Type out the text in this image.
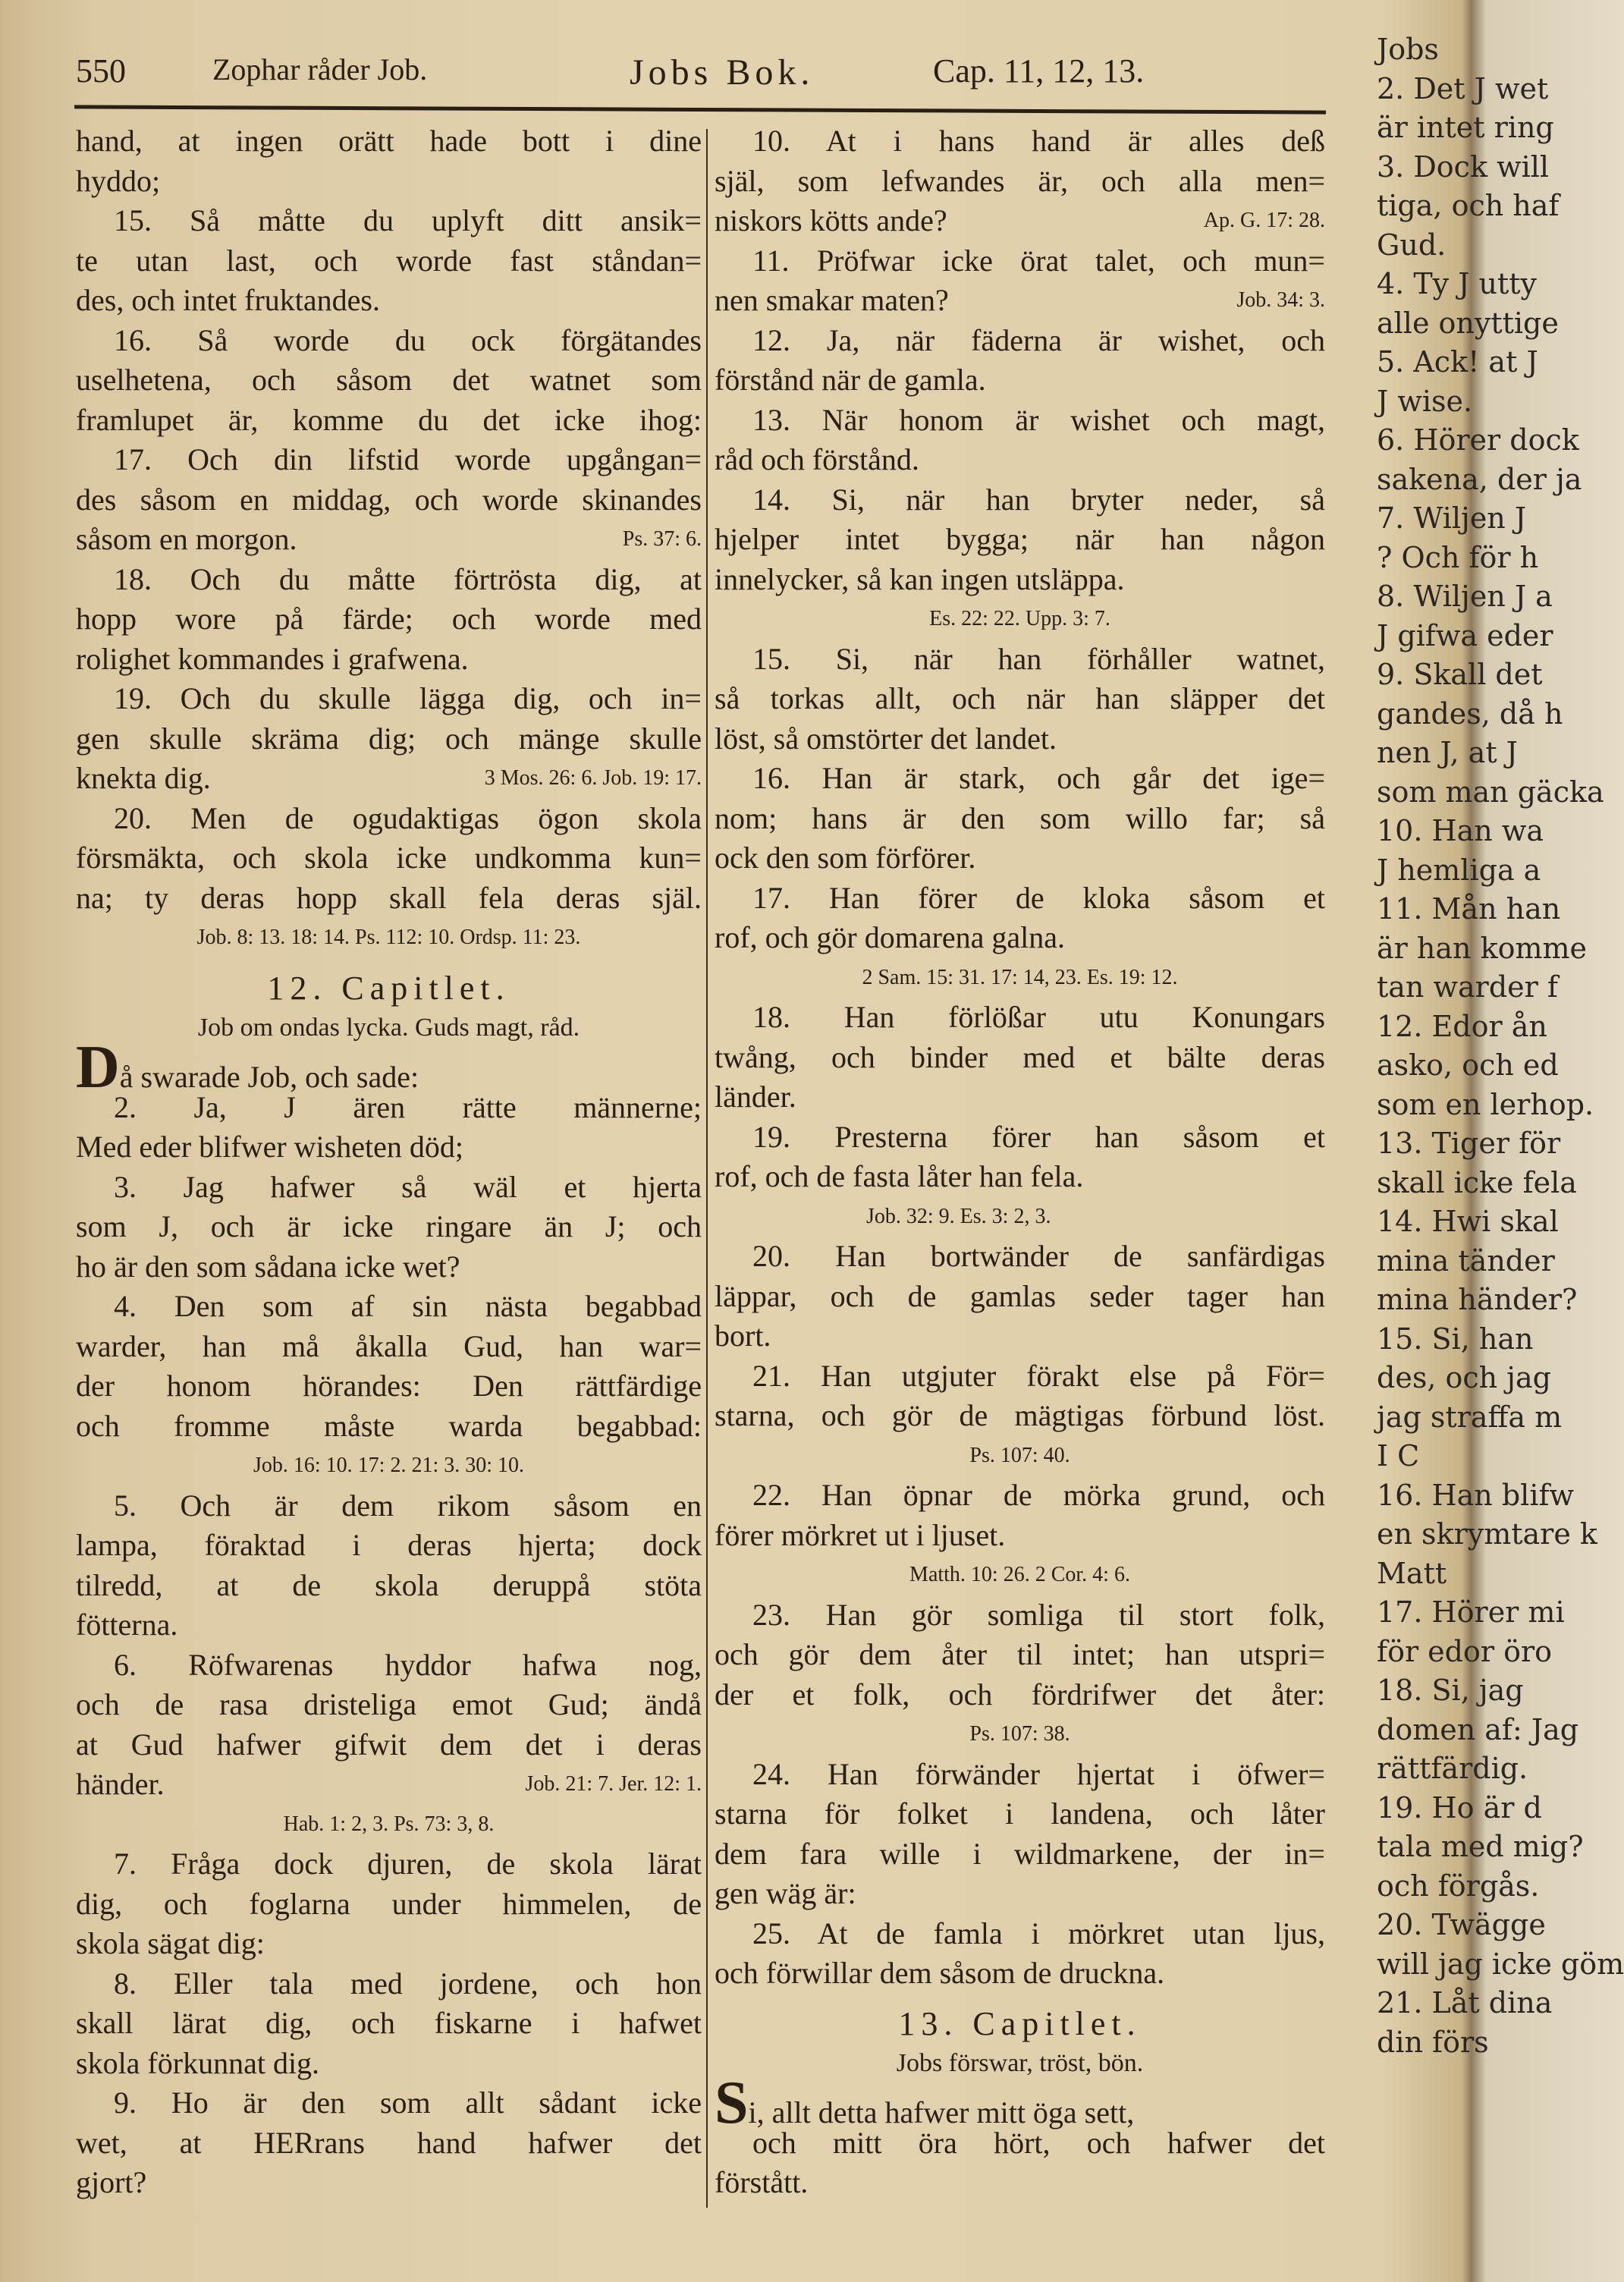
550	Zophar råder Job.	Jobs Bok.	Cap. 11, 12, 13.
hand, at ingen orätt hade bott i dine
hyddo;
15. Så måtte du uplyft ditt ansik=
te utan last, och worde fast ståndan=
des, och intet fruktandes.
16. Så worde du ock förgätandes
uselhetena, och såsom det watnet som
framlupet är, komme du det icke ihog:
17. Och din lifstid worde upgångan=
des såsom en middag, och worde skinandes
såsom en morgon.	Ps. 37: 6.
18. Och du måtte förtrösta dig, at
hopp wore på färde; och worde med
rolighet kommandes i grafwena.
19. Och du skulle lägga dig, och in=
gen skulle skräma dig; och mänge skulle
knekta dig.	3 Mos. 26: 6. Job. 19: 17.
20. Men de ogudaktigas ögon skola
försmäkta, och skola icke undkomma kun=
na; ty deras hopp skall fela deras själ.
Job. 8: 13. 18: 14. Ps. 112: 10. Ordsp. 11: 23.
12. Capitlet.
Job om ondas lycka. Guds magt, råd.
Då swarade Job, och sade:
2. Ja, J ären rätte männerne;
Med eder blifwer wisheten död;
3. Jag hafwer så wäl et hjerta
som J, och är icke ringare än J; och
ho är den som sådana icke wet?
4. Den som af sin nästa begabbad
warder, han må åkalla Gud, han war=
der honom hörandes: Den rättfärdige
och fromme måste warda begabbad:
Job. 16: 10. 17: 2. 21: 3. 30: 10.
5. Och är dem rikom såsom en
lampa, föraktad i deras hjerta; dock
tilredd, at de skola deruppå stöta
fötterna.
6. Röfwarenas hyddor hafwa nog,
och de rasa dristeliga emot Gud; ändå
at Gud hafwer gifwit dem det i deras
händer.	Job. 21: 7. Jer. 12: 1.
Hab. 1: 2, 3. Ps. 73: 3, 8.
7. Fråga dock djuren, de skola lärat
dig, och foglarna under himmelen, de
skola sägat dig:
8. Eller tala med jordene, och hon
skall lärat dig, och fiskarne i hafwet
skola förkunnat dig.
9. Ho är den som allt sådant icke
wet, at HERrans hand hafwer det
gjort?
10. At i hans hand är alles deß
själ, som lefwandes är, och alla men=
niskors kötts ande?	Ap. G. 17: 28.
11. Pröfwar icke örat talet, och mun=
nen smakar maten?	Job. 34: 3.
12. Ja, när fäderna är wishet, och
förstånd när de gamla.
13. När honom är wishet och magt,
råd och förstånd.
14. Si, när han bryter neder, så
hjelper intet bygga; när han någon
innelycker, så kan ingen utsläppa.
Es. 22: 22. Upp. 3: 7.
15. Si, när han förhåller watnet,
så torkas allt, och när han släpper det
löst, så omstörter det landet.
16. Han är stark, och går det ige=
nom; hans är den som willo far; så
ock den som förförer.
17. Han förer de kloka såsom et
rof, och gör domarena galna.
2 Sam. 15: 31. 17: 14, 23. Es. 19: 12.
18. Han förlößar utu Konungars
twång, och binder med et bälte deras
länder.
19. Presterna förer han såsom et
rof, och de fasta låter han fela.
Job. 32: 9. Es. 3: 2, 3.
20. Han bortwänder de sanfärdigas
läppar, och de gamlas seder tager han
bort.
21. Han utgjuter förakt else på För=
starna, och gör de mägtigas förbund löst.
Ps. 107: 40.
22. Han öpnar de mörka grund, och
förer mörkret ut i ljuset.
Matth. 10: 26. 2 Cor. 4: 6.
23. Han gör somliga til stort folk,
och gör dem åter til intet; han utspri=
der et folk, och fördrifwer det åter:
Ps. 107: 38.
24. Han förwänder hjertat i öfwer=
starna för folket i landena, och låter
dem fara wille i wildmarkene, der in=
gen wäg är:
25. At de famla i mörkret utan ljus,
och förwillar dem såsom de druckna.
13. Capitlet.
Jobs förswar, tröst, bön.
Si, allt detta hafwer mitt öga sett,
och mitt öra hört, och hafwer det
förstått.
Jobs
2. Det J wet
är intet ring
3. Dock will
tiga, och haf
Gud.
4. Ty J utty
alle onyttige
5. Ack! at J
J wise.
6. Hörer dock
sakena, der ja
7. Wiljen J
? Och för h
8. Wiljen J a
J gifwa eder
9. Skall det
gandes, då h
nen J, at J
som man gäcka
10. Han wa
J hemliga a
11. Mån han
är han komme
tan warder f
12. Edor ån
asko, och ed
som en lerhop.
13. Tiger för
skall icke fela
14. Hwi skal
mina tänder
mina händer?
15. Si, han
des, och jag
jag straffa m
I C
16. Han blifw
en skrymtare k
Matt
17. Hörer mi
för edor öro
18. Si, jag
domen af: Jag
rättfärdig.
19. Ho är d
tala med mig?
och förgås.
20. Twägge
will jag icke göm
21. Låt dina
din förs
